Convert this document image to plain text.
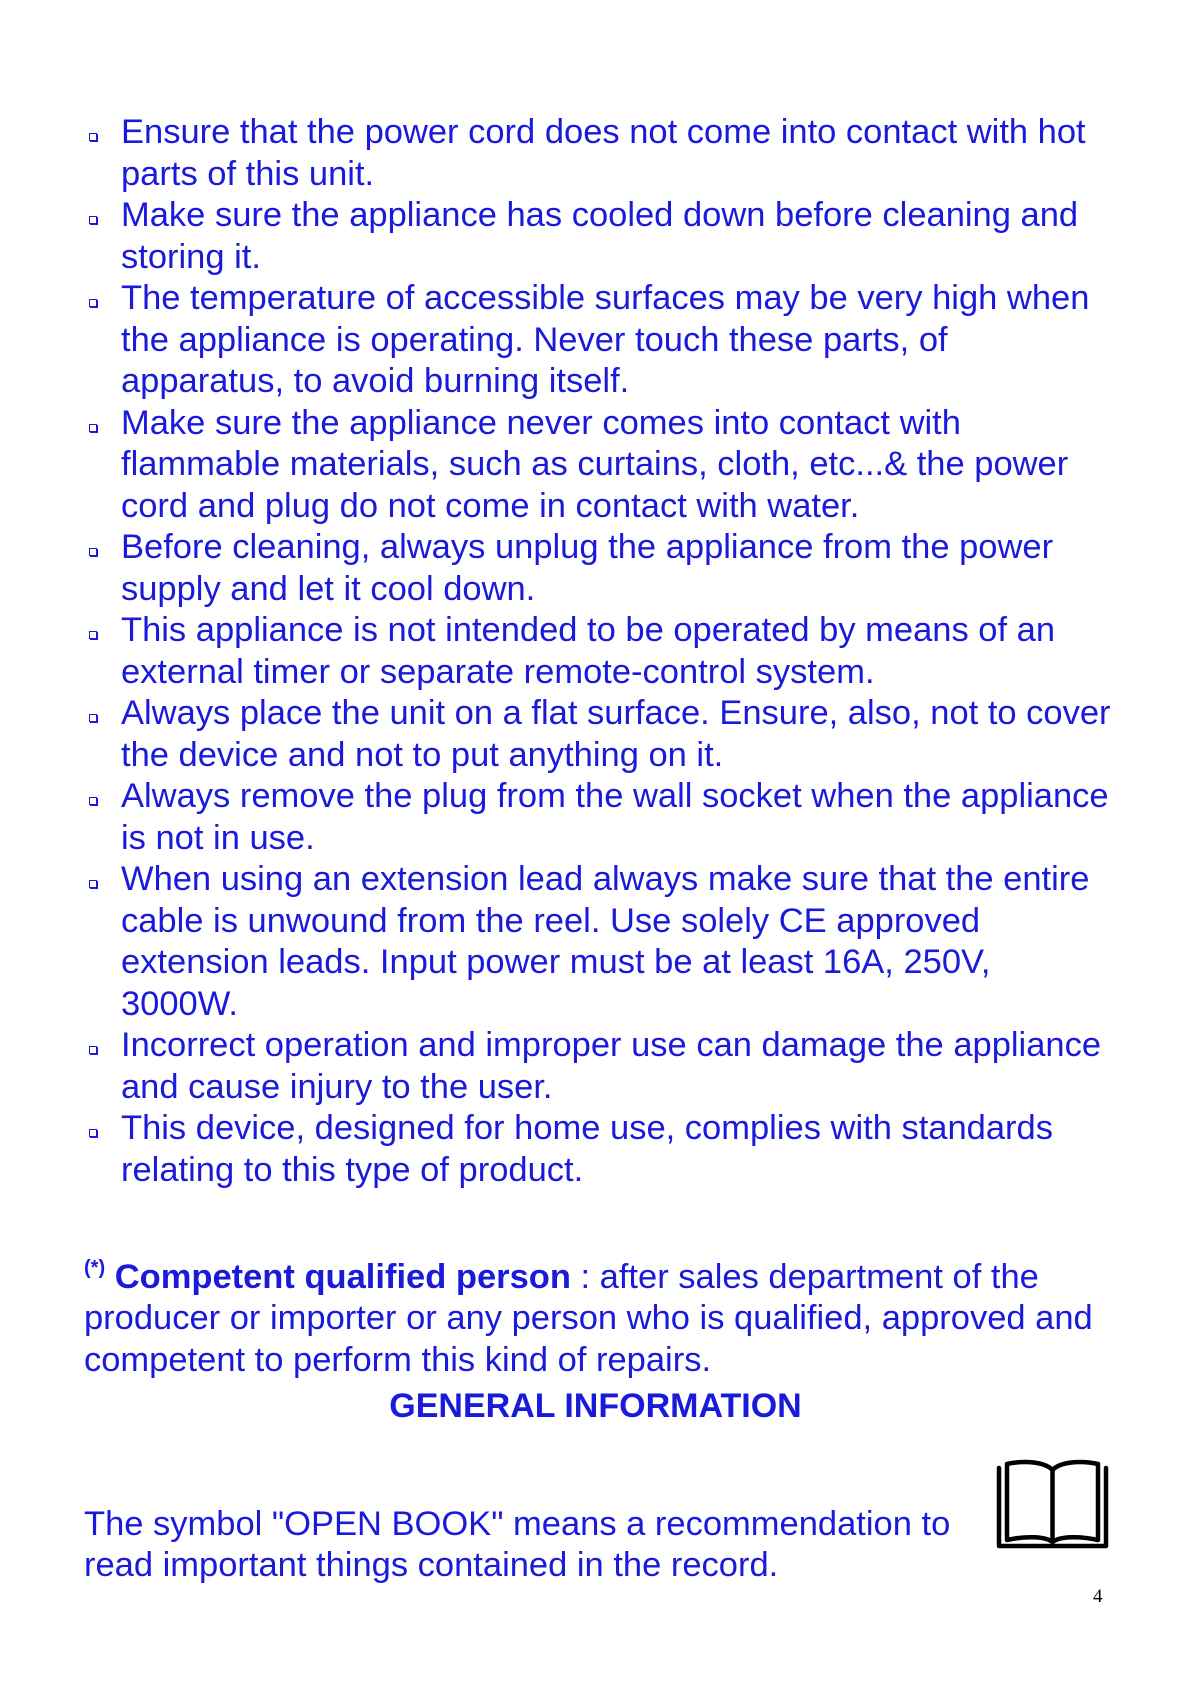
Ensure that the power cord does not come into contact with hot parts of this unit.
Make sure the appliance has cooled down before cleaning and storing it.
The temperature of accessible surfaces may be very high when the appliance is operating. Never touch these parts, of apparatus, to avoid burning itself.
Make sure the appliance never comes into contact with flammable materials, such as curtains, cloth, etc...& the power cord and plug do not come in contact with water.
Before cleaning, always unplug the appliance from the power supply and let it cool down.
This appliance is not intended to be operated by means of an external timer or separate remote-control system.
Always place the unit on a flat surface. Ensure, also, not to cover the device and not to put anything on it.
Always remove the plug from the wall socket when the appliance is not in use.
When using an extension lead always make sure that the entire cable is unwound from the reel. Use solely CE approved extension leads. Input power must be at least 16A, 250V, 3000W.
Incorrect operation and improper use can damage the appliance and cause injury to the user.
This device, designed for home use, complies with standards relating to this type of product.

(*) Competent qualified person : after sales department of the producer or importer or any person who is qualified, approved and competent to perform this kind of repairs.

GENERAL INFORMATION

The symbol "OPEN BOOK" means a recommendation to read important things contained in the record.

4
